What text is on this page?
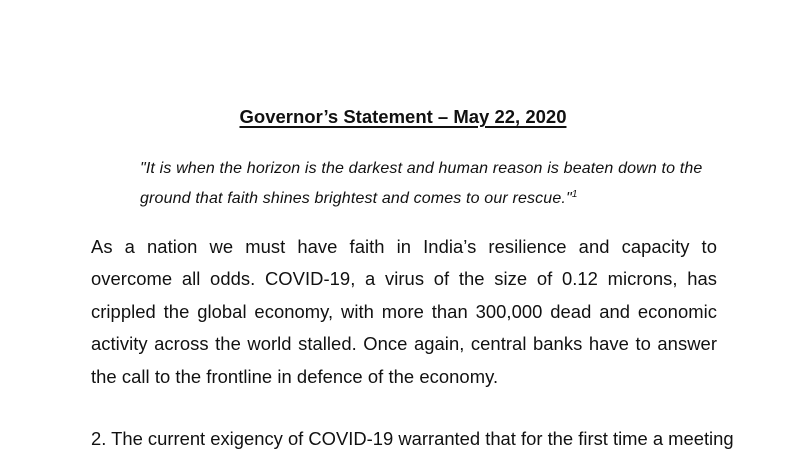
Governor’s Statement – May 22, 2020
"It is when the horizon is the darkest and human reason is beaten down to the ground that faith shines brightest and comes to our rescue."$^1$
As a nation we must have faith in India’s resilience and capacity to overcome all odds. COVID-19, a virus of the size of 0.12 microns, has crippled the global economy, with more than 300,000 dead and economic activity across the world stalled. Once again, central banks have to answer the call to the frontline in defence of the economy.
2. The current exigency of COVID-19 warranted that for the first time a meeting
